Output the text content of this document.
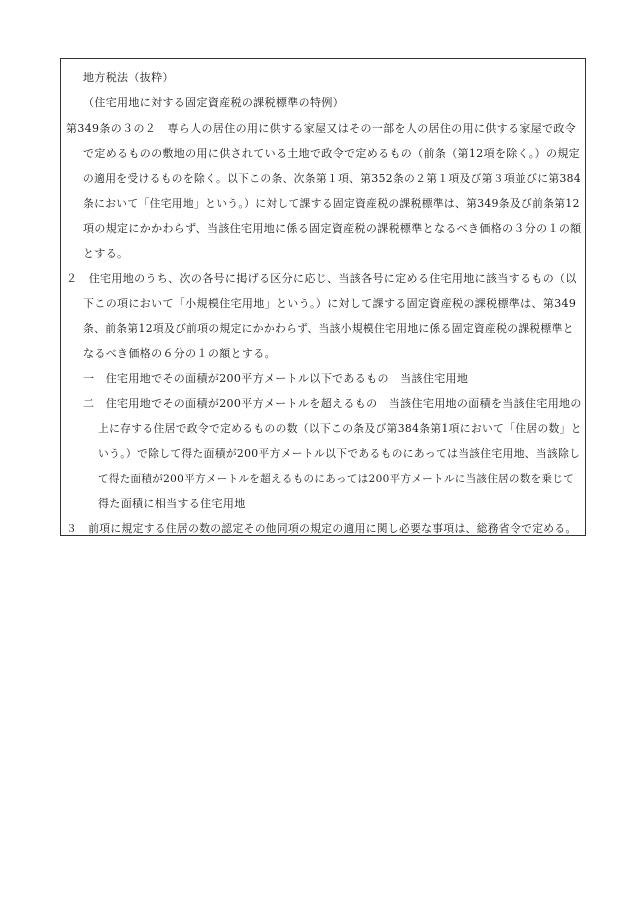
地方税法（抜粋）
（住宅用地に対する固定資産税の課税標準の特例）
第349条の３の２　専ら人の居住の用に供する家屋又はその一部を人の居住の用に供する家屋で政令
で定めるものの敷地の用に供されている土地で政令で定めるもの（前条（第12項を除く。）の規定
の適用を受けるものを除く。以下この条、次条第１項、第352条の２第１項及び第３項並びに第384
条において「住宅用地」という。）に対して課する固定資産税の課税標準は、第349条及び前条第12
項の規定にかかわらず、当該住宅用地に係る固定資産税の課税標準となるべき価格の３分の１の額
とする。
２　住宅用地のうち、次の各号に掲げる区分に応じ、当該各号に定める住宅用地に該当するもの（以
下この項において「小規模住宅用地」という。）に対して課する固定資産税の課税標準は、第349
条、前条第12項及び前項の規定にかかわらず、当該小規模住宅用地に係る固定資産税の課税標準と
なるべき価格の６分の１の額とする。
一　住宅用地でその面積が200平方メートル以下であるもの　当該住宅用地
二　住宅用地でその面積が200平方メートルを超えるもの　当該住宅用地の面積を当該住宅用地の
上に存する住居で政令で定めるものの数（以下この条及び第384条第1項において「住居の数」と
いう。）で除して得た面積が200平方メートル以下であるものにあっては当該住宅用地、当該除し
て得た面積が200平方メートルを超えるものにあっては200平方メートルに当該住居の数を乗じて
得た面積に相当する住宅用地
３　前項に規定する住居の数の認定その他同項の規定の適用に関し必要な事項は、総務省令で定める。
